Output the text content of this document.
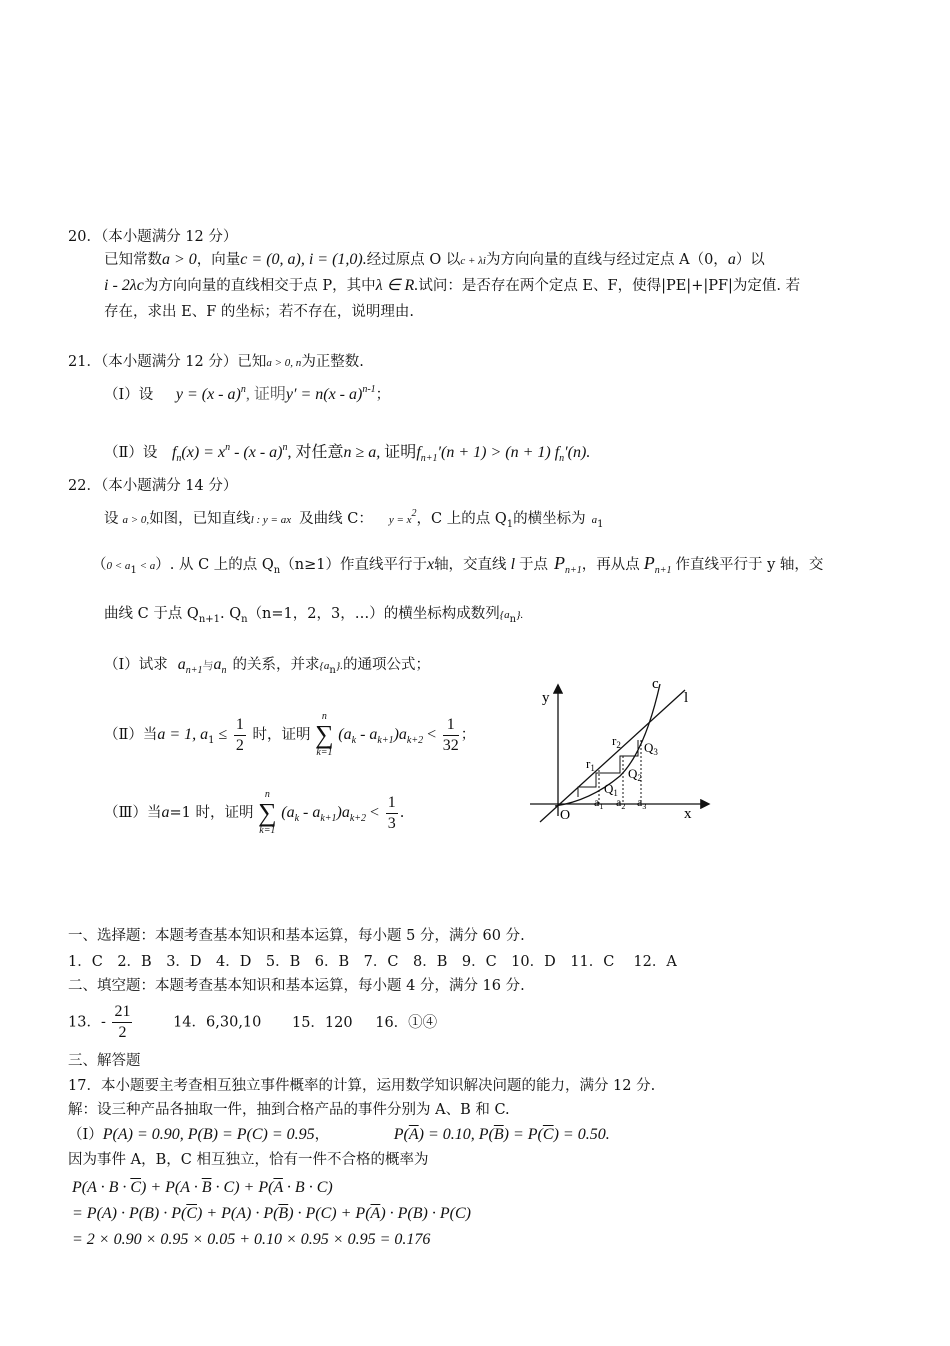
20．（本小题满分 12 分）
已知常数a > 0，向量c = (0, a), i = (1,0).经过原点 O 以c + λi为方向向量的直线与经过定点 A（0，a）以
i - 2λc为方向向量的直线相交于点 P，其中λ ∈ R.试问：是否存在两个定点 E、F，使得|PE|+|PF|为定值. 若
存在，求出 E、F 的坐标；若不存在，说明理由.
21．（本小题满分 12 分）已知a > 0, n为正整数.
（Ⅰ）设 y = (x - a)$^n$, 证明y′ = n(x - a)$^{n-1}$；
（Ⅱ）设 $f_n(x) = x^n - (x - a)^n$, 对任意n ≥ a, 证明$f_{n+1}'(n + 1) > (n + 1)$ $f_n'(n)$.
22．（本小题满分 14 分）
设 a > 0,如图，已知直线l : y = ax 及曲线 C： $y = x^2$，C 上的点 $Q_1$的横坐标为 $a_1$
$(0 < a_1 < a)$. 从 C 上的点 $Q_n(n\ge 1)$作直线平行于x轴，交直线 l 于点 $P_{n+1}$，再从点 $P_{n+1}$ 作直线平行于 y 轴，交
曲线 C 于点 $Q_{n+1}$. $Q_n(n=1$，2，3，…）的横坐标构成数列$\{a_n\}$.
（Ⅰ）试求 $a_{n+1}$与$a_n$ 的关系，并求$\{a_n\}$.的通项公式；
（Ⅱ）当a = 1, $a_1 \le \frac{1}{2}$ 时，证明
n
∑
k=1
$(a_k - a_{k+1})a_{k+2} < \frac{1}{32}$ ；
（Ⅲ）当a=1 时，证明
n
∑
k=1
$(a_k - a_{k+1})a_{k+2} < \frac{1}{3}$ .
y
x
O
c
l
$r_1$
$r_2$ $Q_3$
$Q_2$
$Q_1$
$a_1$ $a_2$ $a_3$
一、选择题：本题考查基本知识和基本运算，每小题 5 分，满分 60 分.
1．C　2．B　3．D　4．D　5．B　6．B　7．C　8．B　9．C　10．D　11．C　 12．A
二、填空题：本题考查基本知识和基本运算，每小题 4 分，满分 16 分.
13．- $\frac{21}{2}$	14．6,30,10 15．120 16．①④
三、解答题
17．本小题要主考查相互独立事件概率的计算，运用数学知识解决问题的能力，满分 12 分.
解：设三种产品各抽取一件，抽到合格产品的事件分别为 A、B 和 C.
（Ⅰ）P(A) = 0.90, P(B) = P(C) = 0.95，	$P(\overline{A}) = 0.10$, $P(\overline{B}) = P(\overline{C}) = 0.50$.
因为事件 A，B，C 相互独立，恰有一件不合格的概率为
$P(A \cdot B \cdot \overline{C}) + P(A \cdot \overline{B} \cdot C) + P(\overline{A} \cdot B \cdot C)$
= $P(A) \cdot P(B) \cdot P(\overline{C}) + P(A) \cdot P(\overline{B}) \cdot P(C) + P(\overline{A}) \cdot P(B) \cdot P(C)$
= 2 × 0.90 × 0.95 × 0.05 + 0.10 × 0.95 × 0.95 = 0.176
